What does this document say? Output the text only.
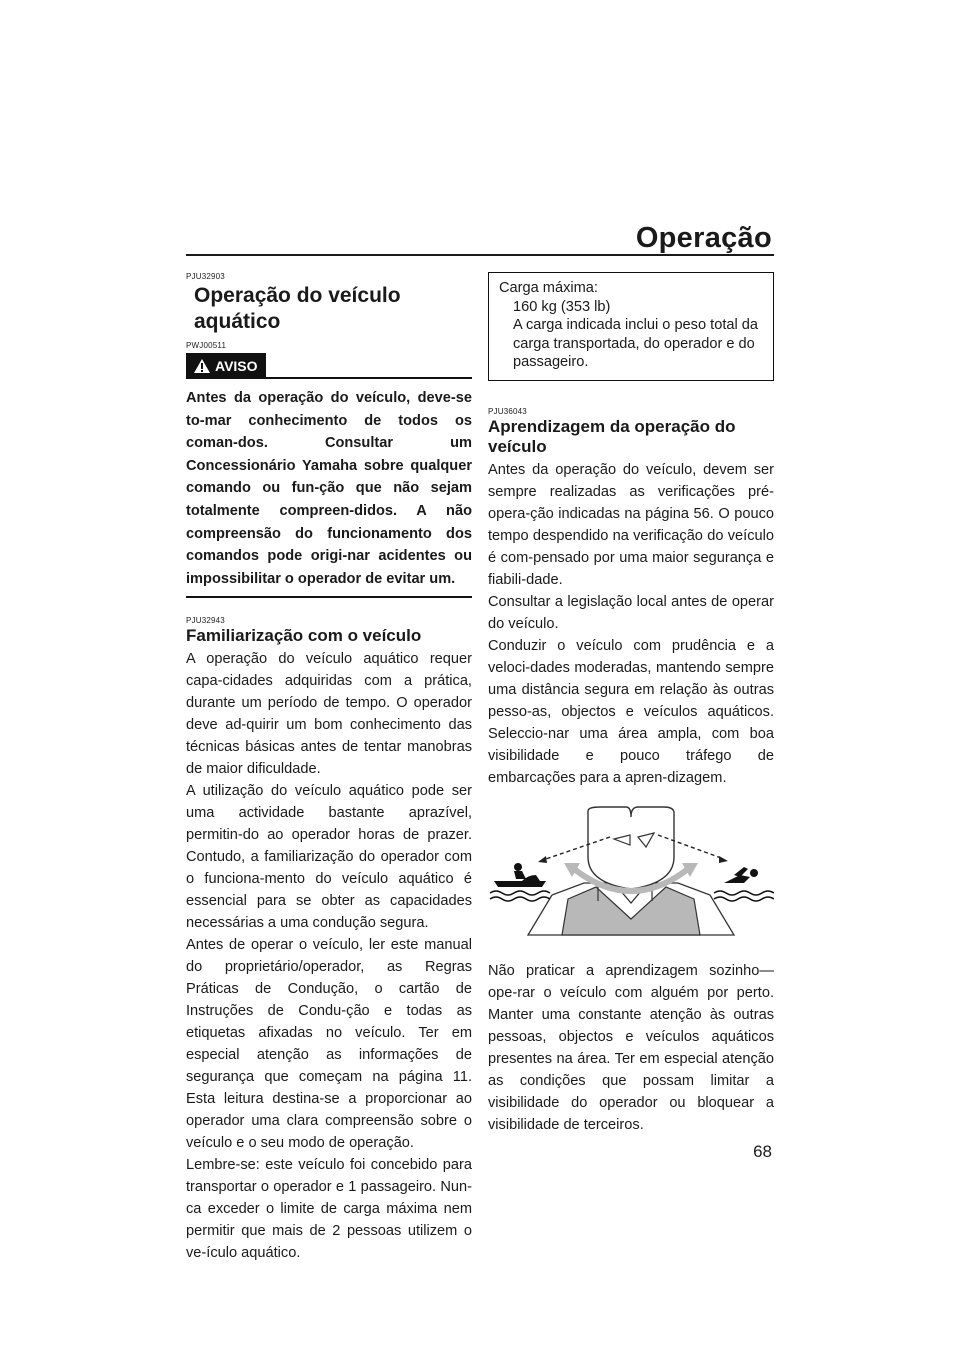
Operação
PJU32903
Operação do veículo aquático
PWJ00511
AVISO

Antes da operação do veículo, deve-se to-mar conhecimento de todos os coman-dos. Consultar um Concessionário Yamaha sobre qualquer comando ou fun-ção que não sejam totalmente compreen-didos. A não compreensão do funcionamento dos comandos pode origi-nar acidentes ou impossibilitar o operador de evitar um.

PJU32943
Familiarização com o veículo

A operação do veículo aquático requer capa-cidades adquiridas com a prática, durante um período de tempo. O operador deve ad-quirir um bom conhecimento das técnicas básicas antes de tentar manobras de maior dificuldade.

A utilização do veículo aquático pode ser uma actividade bastante aprazível, permitin-do ao operador horas de prazer. Contudo, a familiarização do operador com o funciona-mento do veículo aquático é essencial para se obter as capacidades necessárias a uma condução segura.

Antes de operar o veículo, ler este manual do proprietário/operador, as Regras Práticas de Condução, o cartão de Instruções de Condu-ção e todas as etiquetas afixadas no veículo. Ter em especial atenção as informações de segurança que começam na página 11. Esta leitura destina-se a proporcionar ao operador uma clara compreensão sobre o veículo e o seu modo de operação.

Lembre-se: este veículo foi concebido para transportar o operador e 1 passageiro. Nun-ca exceder o limite de carga máxima nem permitir que mais de 2 pessoas utilizem o ve-ículo aquático.

Carga máxima:
160 kg (353 lb)
A carga indicada inclui o peso total da carga transportada, do operador e do passageiro.
PJU36043
Aprendizagem da operação do veículo

Antes da operação do veículo, devem ser sempre realizadas as verificações pré-opera-ção indicadas na página 56. O pouco tempo despendido na verificação do veículo é com-pensado por uma maior segurança e fiabili-dade.

Consultar a legislação local antes de operar do veículo.

Conduzir o veículo com prudência e a veloci-dades moderadas, mantendo sempre uma distância segura em relação às outras pesso-as, objectos e veículos aquáticos. Seleccio-nar uma área ampla, com boa visibilidade e pouco tráfego de embarcações para a apren-dizagem.

Não praticar a aprendizagem sozinho—ope-rar o veículo com alguém por perto. Manter uma constante atenção às outras pessoas, objectos e veículos aquáticos presentes na área. Ter em especial atenção as condições que possam limitar a visibilidade do operador ou bloquear a visibilidade de terceiros.

68
